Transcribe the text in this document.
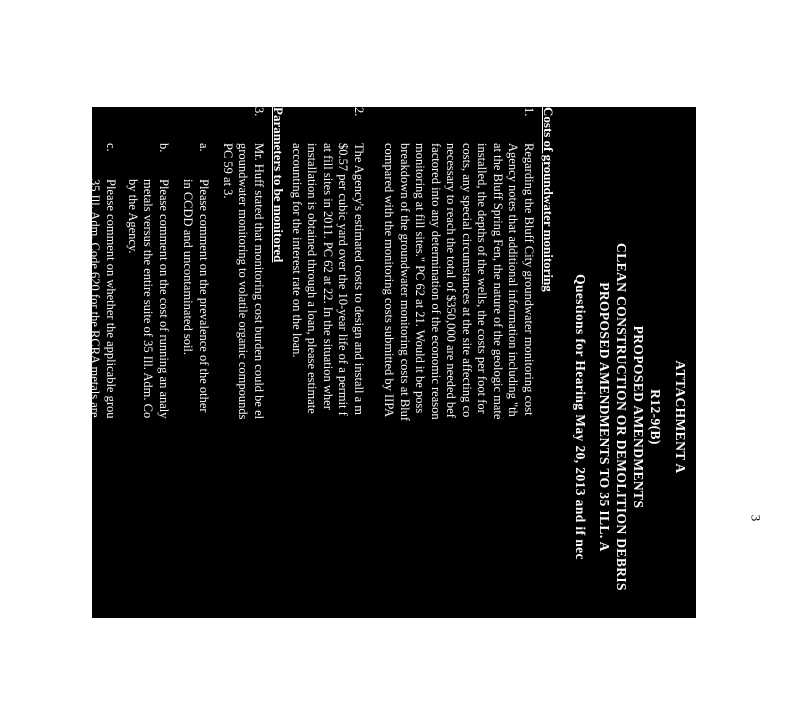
ATTACHMENT A
R12-9(B)
PROPOSED AMENDMENTS
CLEAN CONSTRUCTION OR DEMOLITION DEBRIS
PROPOSED AMENDMENTS TO 35 ILL. A
Questions for Hearing May 20, 2013 and if nec
Costs of groundwater monitoring
1.
Regarding the Bluff City groundwater monitoring cost
Agency notes that additional information including "th
at the Bluff Spring Fen, the nature of the geologic mate
installed, the depths of the wells, the costs per foot for
costs, any special circumstances at the site affecting co
necessary to reach the total of $350,000 are needed bef
factored into any determination of the economic reason
monitoring at fill sites." PC 62 at 21. Would it be poss
breakdown of the groundwater monitoring costs at Bluf
compared with the monitoring costs submitted by IIPA
2.
The Agency's estimated costs to design and install a m
$0.57 per cubic yard over the 10-year life of a permit f
at fill sites in 2011. PC 62 at 22. In the situation wher
installation is obtained through a loan, please estimate
accounting for the interest rate on the loan.
Parameters to be monitored
3.
Mr. Huff stated that monitoring cost burden could be el
groundwater monitoring to volatile organic compounds
PC 59 at 3.
a.
Please comment on the prevalence of the other
in CCDD and uncontaminated soil.
b.
Please comment on the cost of running an analy
metals versus the entire suite of 35 Ill. Adm. Co
by the Agency.
c.
Please comment on whether the applicable grou
35 Ill. Adm. Code 620 for the RCRA metals are
3
